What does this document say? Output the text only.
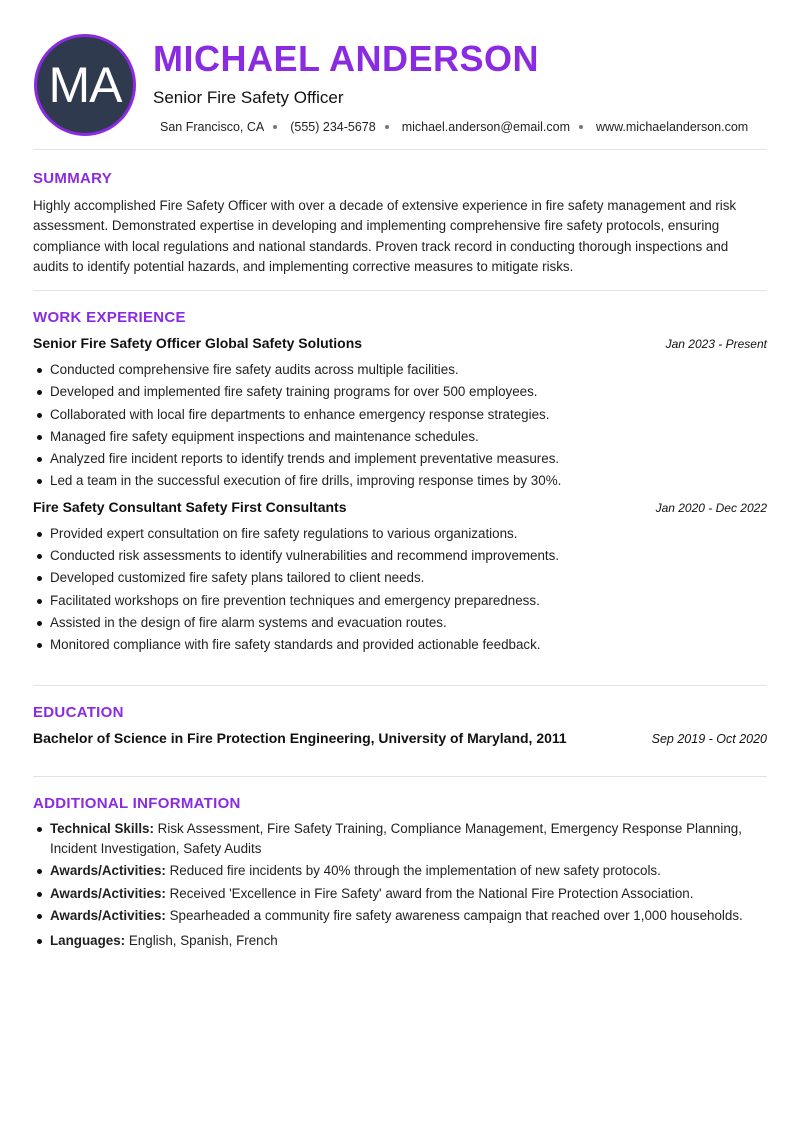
MA MICHAEL ANDERSON
Senior Fire Safety Officer
San Francisco, CA (555) 234-5678 michael.anderson@email.com www.michaelanderson.com
SUMMARY

Highly accomplished Fire Safety Officer with over a decade of extensive experience in fire safety management and risk assessment. Demonstrated expertise in developing and implementing comprehensive fire safety protocols, ensuring compliance with local regulations and national standards. Proven track record in conducting thorough inspections and audits to identify potential hazards, and implementing corrective measures to mitigate risks.

WORK EXPERIENCE
Senior Fire Safety Officer Global Safety Solutions	Jan 2023 - Present
Conducted comprehensive fire safety audits across multiple facilities.
Developed and implemented fire safety training programs for over 500 employees.
Collaborated with local fire departments to enhance emergency response strategies.
Managed fire safety equipment inspections and maintenance schedules.
Analyzed fire incident reports to identify trends and implement preventative measures.
Led a team in the successful execution of fire drills, improving response times by 30%.
Fire Safety Consultant Safety First Consultants	Jan 2020 - Dec 2022
Provided expert consultation on fire safety regulations to various organizations.
Conducted risk assessments to identify vulnerabilities and recommend improvements.
Developed customized fire safety plans tailored to client needs.
Facilitated workshops on fire prevention techniques and emergency preparedness.
Assisted in the design of fire alarm systems and evacuation routes.
Monitored compliance with fire safety standards and provided actionable feedback.
EDUCATION
Bachelor of Science in Fire Protection Engineering, University of Maryland, 2011	Sep 2019 - Oct 2020
ADDITIONAL INFORMATION
Technical Skills: Risk Assessment, Fire Safety Training, Compliance Management, Emergency Response Planning, Incident Investigation, Safety Audits
Awards/Activities: Reduced fire incidents by 40% through the implementation of new safety protocols.
Awards/Activities: Received 'Excellence in Fire Safety' award from the National Fire Protection Association.
Awards/Activities: Spearheaded a community fire safety awareness campaign that reached over 1,000 households.
Languages: English, Spanish, French
